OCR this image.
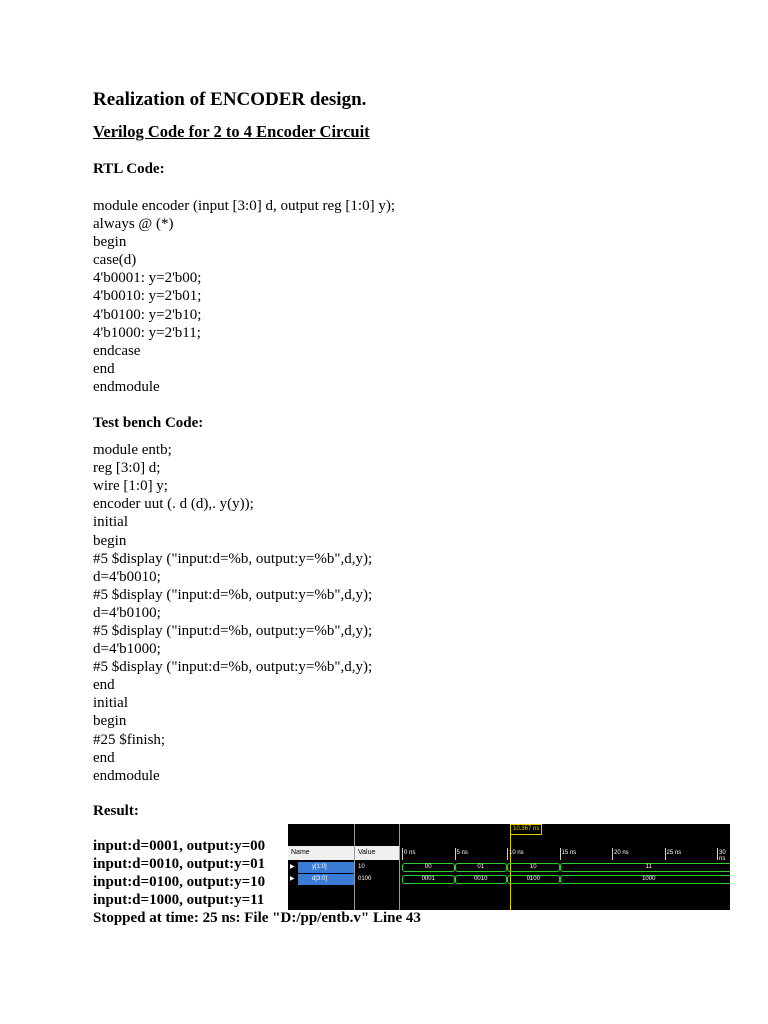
Realization of ENCODER design.
Verilog Code for 2 to 4 Encoder Circuit
RTL Code:
module encoder (input [3:0] d, output reg [1:0] y);
always @ (*)
begin
case(d)
4'b0001: y=2'b00;
4'b0010: y=2'b01;
4'b0100: y=2'b10;
4'b1000: y=2'b11;
endcase
end
endmodule
Test bench Code:
module entb;
reg [3:0] d;
wire [1:0] y;
encoder uut (. d (d),. y(y));
initial
begin
#5 $display ("input:d=%b, output:y=%b",d,y);
d=4'b0010;
#5 $display ("input:d=%b, output:y=%b",d,y);
d=4'b0100;
#5 $display ("input:d=%b, output:y=%b",d,y);
d=4'b1000;
#5 $display ("input:d=%b, output:y=%b",d,y);
end
initial
begin
#25 $finish;
end
endmodule
Result:
input:d=0001, output:y=00
input:d=0010, output:y=01
input:d=0100, output:y=10
input:d=1000, output:y=11
Stopped at time: 25 ns: File "D:/pp/entb.v" Line 43
Name
▶	y[1:0]
▶	d[3:0]
Value
10
0100
10.367 ns
0 ns	5 ns	10 ns	15 ns	20 ns	25 ns	30 ns
00	01	10	11
0001	0010	0100	1000
